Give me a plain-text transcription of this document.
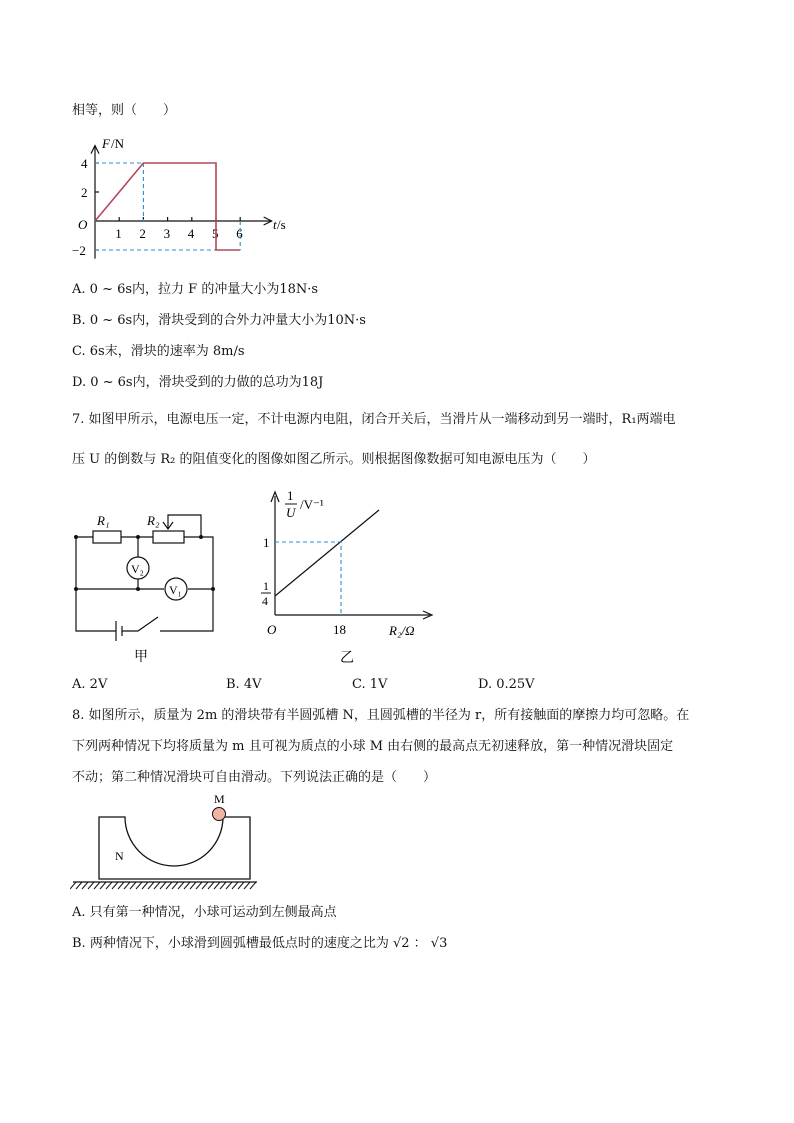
相等，则（　　）
1 2 3 4 5 6
4
2
−2
F /N
t /s
O
A. 0 ~ 6s内，拉力 F 的冲量大小为18N·s
B. 0 ~ 6s内，滑块受到的合外力冲量大小为10N·s
C. 6s末，滑块的速率为 8m/s
D. 0 ~ 6s内，滑块受到的力做的总功为18J
7. 如图甲所示，电源电压一定，不计电源内电阻，闭合开关后，当滑片从一端移动到另一端时，R₁两端电
压 U 的倒数与 R₂ 的阻值变化的图像如图乙所示。则根据图像数据可知电源电压为（　　）
R₁	R₂
V₂
V₁
甲
1
U
/V⁻¹
1
1
4
O	18	R₂/Ω
乙
A. 2V	B. 4V	C. 1V	D. 0.25V
8. 如图所示，质量为 2m 的滑块带有半圆弧槽 N，且圆弧槽的半径为 r，所有接触面的摩擦力均可忽略。在
下列两种情况下均将质量为 m 且可视为质点的小球 M 由右侧的最高点无初速释放，第一种情况滑块固定
不动；第二种情况滑块可自由滑动。下列说法正确的是（　　）
M
N
A. 只有第一种情况，小球可运动到左侧最高点
B. 两种情况下，小球滑到圆弧槽最低点时的速度之比为 √2 ： √3
